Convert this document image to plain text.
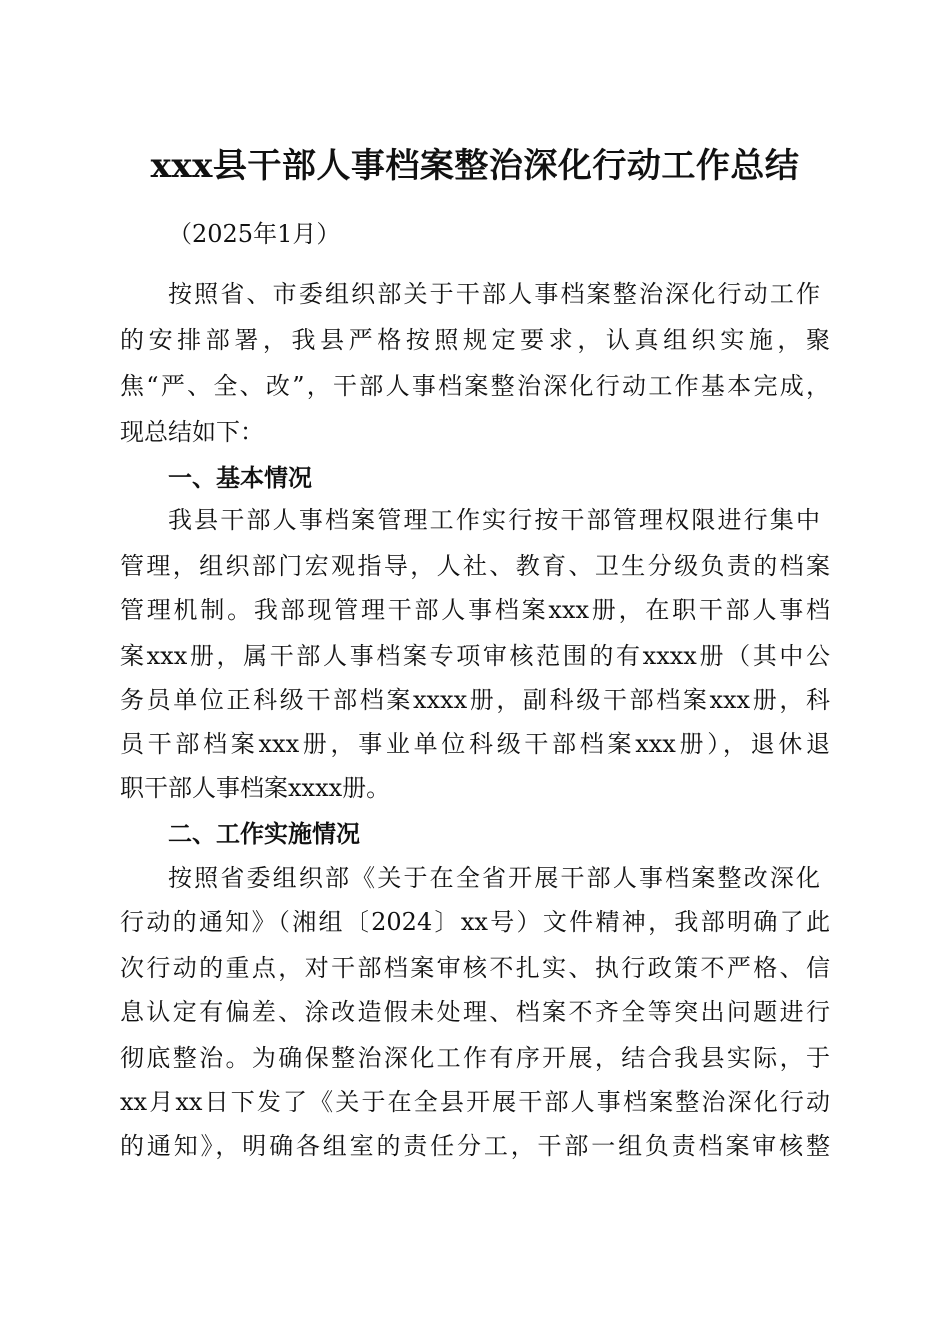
xxx县干部人事档案整治深化行动工作总结
（2025年1月）
按照省、市委组织部关于干部人事档案整治深化行动工作
的安排部署，我县严格按照规定要求，认真组织实施，聚
焦“严、全、改”，干部人事档案整治深化行动工作基本完成，
现总结如下：
一、基本情况
我县干部人事档案管理工作实行按干部管理权限进行集中
管理，组织部门宏观指导，人社、教育、卫生分级负责的档案
管理机制。我部现管理干部人事档案xxx册，在职干部人事档
案xxx册，属干部人事档案专项审核范围的有xxxx册（其中公
务员单位正科级干部档案xxxx册，副科级干部档案xxx册，科
员干部档案xxx册，事业单位科级干部档案xxx册），退休退
职干部人事档案xxxx册。
二、工作实施情况
按照省委组织部《关于在全省开展干部人事档案整改深化
行动的通知》（湘组〔2024〕xx号）文件精神，我部明确了此
次行动的重点，对干部档案审核不扎实、执行政策不严格、信
息认定有偏差、涂改造假未处理、档案不齐全等突出问题进行
彻底整治。为确保整治深化工作有序开展，结合我县实际，于
xx月xx日下发了《关于在全县开展干部人事档案整治深化行动
的通知》，明确各组室的责任分工，干部一组负责档案审核整
